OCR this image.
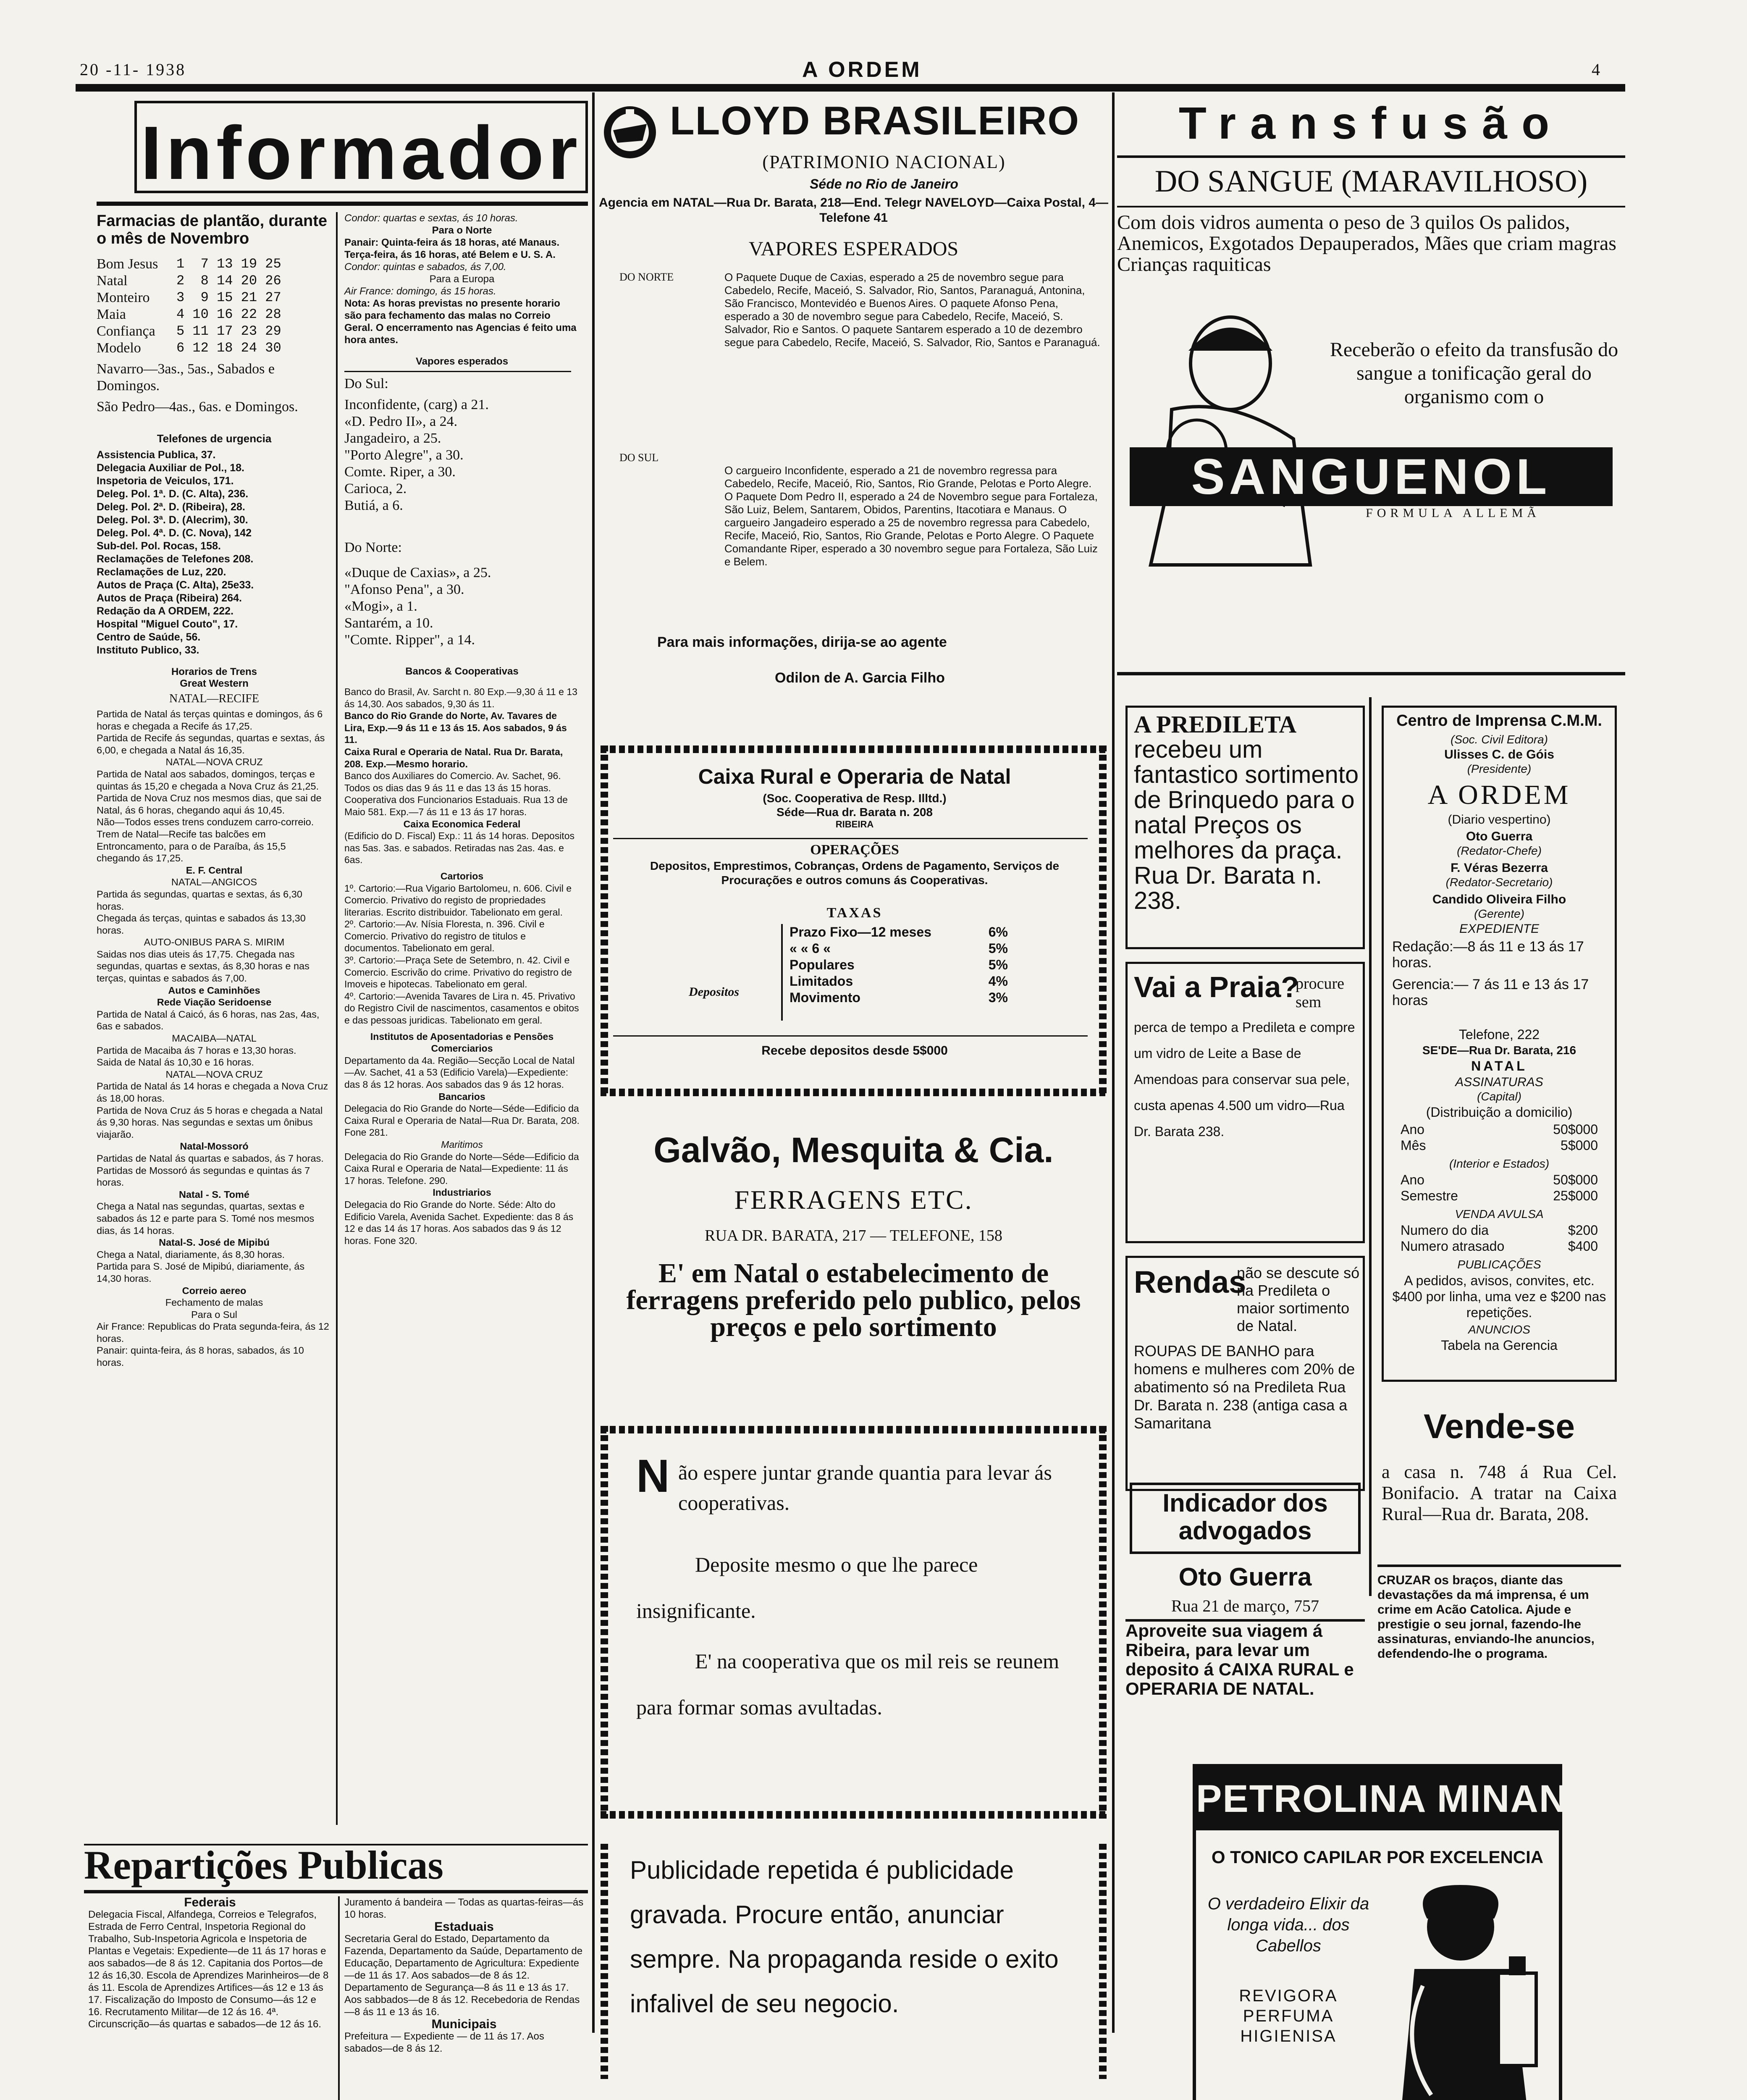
20 -11- 1938	A ORDEM	4
Informador
Farmacias de plantão, durante o mês de Novembro
Bom Jesus	1  7 13 19 25
Natal	2  8 14 20 26
Monteiro	3  9 15 21 27
Maia	4 10 16 22 28
Confiança	5 11 17 23 29
Modelo	6 12 18 24 30
Navarro—3as., 5as., Sabados e Domingos.
São Pedro—4as., 6as. e Domingos.
Telefones de urgencia
Assistencia Publica, 37.
Delegacia Auxiliar de Pol., 18.
Inspetoria de Veiculos, 171.
Deleg. Pol. 1ª. D. (C. Alta), 236.
Deleg. Pol. 2ª. D. (Ribeira), 28.
Deleg. Pol. 3ª. D. (Alecrim), 30.
Deleg. Pol. 4ª. D. (C. Nova), 142
Sub-del. Pol. Rocas, 158.
Reclamações de Telefones 208.
Reclamações de Luz, 220.
Autos de Praça (C. Alta), 25e33.
Autos de Praça (Ribeira) 264.
Redação da A ORDEM, 222.
Hospital "Miguel Couto", 17.
Centro de Saúde, 56.
Instituto Publico, 33.
Horarios de Trens
Great Western
NATAL—RECIFE

Partida de Natal ás terças quintas e domingos, ás 6 horas e chegada a Recife ás 17,25.

Partida de Recife ás segundas, quartas e sextas, ás 6,00, e chegada a Natal ás 16,35.

NATAL—NOVA CRUZ

Partida de Natal aos sabados, domingos, terças e quintas ás 15,20 e chegada a Nova Cruz ás 21,25.

Partida de Nova Cruz nos mesmos dias, que sai de Natal, ás 6 horas, chegando aqui ás 10,45.

Não—Todos esses trens conduzem carro-correio.

Trem de Natal—Recife tas balcões em Entroncamento, para o de Paraíba, ás 15,5 chegando ás 17,25.

E. F. Central

NATAL—ANGICOS

Partida ás segundas, quartas e sextas, ás 6,30 horas.

Chegada ás terças, quintas e sabados ás 13,30 horas.

AUTO-ONIBUS PARA S. MIRIM

Saidas nos dias uteis ás 17,75. Chegada nas segundas, quartas e sextas, ás 8,30 horas e nas terças, quintas e sabados ás 7,00.

Autos e Caminhões

Rede Viação Seridoense

Partida de Natal á Caicó, ás 6 horas, nas 2as, 4as, 6as e sabados.

MACAIBA—NATAL

Partida de Macaiba ás 7 horas e 13,30 horas.

Saida de Natal ás 10,30 e 16 horas.

NATAL—NOVA CRUZ

Partida de Natal ás 14 horas e chegada a Nova Cruz ás 18,00 horas.

Partida de Nova Cruz ás 5 horas e chegada a Natal ás 9,30 horas. Nas segundas e sextas um ônibus viajarão.

Natal-Mossoró

Partidas de Natal ás quartas e sabados, ás 7 horas.

Partidas de Mossoró ás segundas e quintas ás 7 horas.

Natal - S. Tomé

Chega a Natal nas segundas, quartas, sextas e sabados ás 12 e parte para S. Tomé nos mesmos dias, ás 14 horas.

Natal-S. José de Mipibú

Chega a Natal, diariamente, ás 8,30 horas.

Partida para S. José de Mipibú, diariamente, ás 14,30 horas.

Correio aereo

Fechamento de malas

Para o Sul

Air France: Republicas do Prata segunda-feira, ás 12 horas.

Panair: quinta-feira, ás 8 horas, sabados, ás 10 horas.

Condor: quartas e sextas, ás 10 horas.

Para o Norte

Panair: Quinta-feira ás 18 horas, até Manaus. Terça-feira, ás 16 horas, até Belem e U. S. A.

Condor: quintas e sabados, ás 7,00.

Para a Europa

Air France: domingo, ás 15 horas.

Nota: As horas previstas no presente horario são para fechamento das malas no Correio Geral. O encerramento nas Agencias é feito uma hora antes.

Vapores esperados

Do Sul:

Inconfidente, (carg) a 21.

«D. Pedro II», a 24.

Jangadeiro, a 25.

"Porto Alegre", a 30.

Comte. Riper, a 30.

Carioca, 2.

Butiá, a 6.

Do Norte:

«Duque de Caxias», a 25.

"Afonso Pena", a 30.

«Mogi», a 1.

Santarém, a 10.

"Comte. Ripper", a 14.

Bancos & Cooperativas

Banco do Brasil, Av. Sarcht n. 80 Exp.—9,30 á 11 e 13 ás 14,30. Aos sabados, 9,30 ás 11.

Banco do Rio Grande do Norte, Av. Tavares de Lira, Exp.—9 ás 11 e 13 ás 15. Aos sabados, 9 ás 11.

Caixa Rural e Operaria de Natal. Rua Dr. Barata, 208. Exp.—Mesmo horario.

Banco dos Auxiliares do Comercio. Av. Sachet, 96.

Todos os dias das 9 ás 11 e das 13 ás 15 horas.

Cooperativa dos Funcionarios Estaduais. Rua 13 de Maio 581. Exp.—7 ás 11 e 13 ás 17 horas.

Caixa Economica Federal

(Edificio do D. Fiscal) Exp.: 11 ás 14 horas. Depositos nas 5as. 3as. e sabados. Retiradas nas 2as. 4as. e 6as.

Cartorios

1º. Cartorio:—Rua Vigario Bartolomeu, n. 606. Civil e Comercio. Privativo do registo de propriedades literarias. Escrito distribuidor. Tabelionato em geral.

2º. Cartorio:—Av. Nísia Floresta, n. 396. Civil e Comercio. Privativo do registro de titulos e documentos. Tabelionato em geral.

3º. Cartorio:—Praça Sete de Setembro, n. 42. Civil e Comercio. Escrivão do crime. Privativo do registro de Imoveis e hipotecas. Tabelionato em geral.

4º. Cartorio:—Avenida Tavares de Lira n. 45. Privativo do Registro Civil de nascimentos, casamentos e obitos e das pessoas juridicas. Tabelionato em geral.

Institutos de Aposentadorias e Pensões

Comerciarios

Departamento da 4a. Região—Secção Local de Natal—Av. Sachet, 41 a 53 (Edificio Varela)—Expediente: das 8 ás 12 horas. Aos sabados das 9 ás 12 horas.

Bancarios

Delegacia do Rio Grande do Norte—Séde—Edificio da Caixa Rural e Operaria de Natal—Rua Dr. Barata, 208. Fone 281.

Maritimos

Delegacia do Rio Grande do Norte—Séde—Edificio da Caixa Rural e Operaria de Natal—Expediente: 11 ás 17 horas. Telefone. 290.

Industriarios

Delegacia do Rio Grande do Norte. Séde: Alto do Edificio Varela, Avenida Sachet. Expediente: das 8 ás 12 e das 14 ás 17 horas. Aos sabados das 9 ás 12 horas. Fone 320.

Repartições Publicas

Federais

Delegacia Fiscal, Alfandega, Correios e Telegrafos, Estrada de Ferro Central, Inspetoria Regional do Trabalho, Sub-Inspetoria Agricola e Inspetoria de Plantas e Vegetais: Expediente—de 11 ás 17 horas e aos sabados—de 8 ás 12. Capitania dos Portos—de 12 ás 16,30. Escola de Aprendizes Marinheiros—de 8 ás 11. Escola de Aprendizes Artifices—ás 12 e 13 ás 17. Fiscalização do Imposto de Consumo—ás 12 e 16. Recrutamento Militar—de 12 ás 16. 4ª. Circunscrição—ás quartas e sabados—de 12 ás 16.

Juramento á bandeira — Todas as quartas-feiras—ás 10 horas.

Estaduais

Secretaria Geral do Estado, Departamento da Fazenda, Departamento da Saúde, Departamento de Educação, Departamento de Agricultura: Expediente—de 11 ás 17. Aos sabados—de 8 ás 12. Departamento de Segurança—8 ás 11 e 13 ás 17. Aos sabbados—de 8 ás 12. Recebedoria de Rendas—8 ás 11 e 13 ás 16.

Municipais

Prefeitura — Expediente — de 11 ás 17. Aos sabados—de 8 ás 12.

LLOYD BRASILEIRO
(PATRIMONIO NACIONAL)
Séde no Rio de Janeiro
Agencia em NATAL—Rua Dr. Barata, 218—End. Telegr NAVELOYD—Caixa Postal, 4—Telefone 41
VAPORES ESPERADOS
DO NORTE	O Paquete Duque de Caxias, esperado a 25 de novembro segue para Cabedelo, Recife, Maceió, S. Salvador, Rio, Santos, Paranaguá, Antonina, São Francisco, Montevidéo e Buenos Aires. O paquete Afonso Pena, esperado a 30 de novembro segue para Cabedelo, Recife, Maceió, S. Salvador, Rio e Santos. O paquete Santarem esperado a 10 de dezembro segue para Cabedelo, Recife, Maceió, S. Salvador, Rio, Santos e Paranaguá.
DO SUL
O cargueiro Inconfidente, esperado a 21 de novembro regressa para Cabedelo, Recife, Maceió, Rio, Santos, Rio Grande, Pelotas e Porto Alegre. O Paquete Dom Pedro II, esperado a 24 de Novembro segue para Fortaleza, São Luiz, Belem, Santarem, Obidos, Parentins, Itacotiara e Manaus. O cargueiro Jangadeiro esperado a 25 de novembro regressa para Cabedelo, Recife, Maceió, Rio, Santos, Rio Grande, Pelotas e Porto Alegre. O Paquete Comandante Riper, esperado a 30 novembro segue para Fortaleza, São Luiz e Belem.
Para mais informações, dirija-se ao agente
Odilon de A. Garcia Filho
Caixa Rural e Operaria de Natal
(Soc. Cooperativa de Resp. Illtd.)
Séde—Rua dr. Barata n. 208
RIBEIRA
OPERAÇÕES
Depositos, Emprestimos, Cobranças, Ordens de Pagamento, Serviços de Procurações e outros comuns ás Cooperativas.
TAXAS
Depositos
Prazo Fixo—12 meses	6%
« « 6 «	5%
Populares	5%
Limitados	4%
Movimento	3%
Recebe depositos desde 5$000
Galvão, Mesquita & Cia.
FERRAGENS ETC.
RUA DR. BARATA, 217 — TELEFONE, 158
E' em Natal o estabelecimento de ferragens preferido pelo publico, pelos preços e pelo sortimento
N ão espere juntar grande quantia para levar ás cooperativas.
Deposite mesmo o que lhe parece insignificante.
E' na cooperativa que os mil reis se reunem para formar somas avultadas.
Publicidade repetida é publicidade gravada. Procure então, anunciar sempre. Na propaganda reside o exito infalivel de seu negocio.
Transfusão
DO SANGUE (MARAVILHOSO)
Com dois vidros aumenta o peso de 3 quilos Os palidos, Anemicos, Exgotados Depauperados, Mães que criam magras Crianças raquiticas
Receberão o efeito da transfusão do sangue a tonificação geral do organismo com o
SANGUENOL
FORMULA ALLEMÃ
A PREDILETA recebeu um fantastico sortimento de Brinquedo para o natal Preços os melhores da praça. Rua Dr. Barata n. 238.
Vai a Praia?
procure sem
perca de tempo a Predileta e compre um vidro de Leite a Base de Amendoas para conservar sua pele, custa apenas 4.500 um vidro—Rua Dr. Barata 238.
Rendas
não se descute só na Predileta o maior sortimento de Natal.
ROUPAS DE BANHO para homens e mulheres com 20% de abatimento só na Predileta Rua Dr. Barata n. 238 (antiga casa a Samaritana
Indicador dos advogados
Oto Guerra
Rua 21 de março, 757
Aproveite sua viagem á Ribeira, para levar um deposito á CAIXA RURAL e OPERARIA DE NATAL.
Centro de Imprensa C.M.M.
(Soc. Civil Editora)
Ulisses C. de Góis
(Presidente)
A ORDEM
(Diario vespertino)
Oto Guerra
(Redator-Chefe)
F. Véras Bezerra
(Redator-Secretario)
Candido Oliveira Filho
(Gerente)
EXPEDIENTE
Redação:—8 ás 11 e 13 ás 17 horas.
Gerencia:— 7 ás 11 e 13 ás 17 horas
Telefone, 222
SE'DE—Rua Dr. Barata, 216
NATAL
ASSINATURAS
(Capital)
(Distribuição a domicilio)
Ano	50$000
Mês	5$000
(Interior e Estados)
Ano	50$000
Semestre	25$000
VENDA AVULSA
Numero do dia	$200
Numero atrasado	$400
PUBLICAÇÕES
A pedidos, avisos, convites, etc. $400 por linha, uma vez e $200 nas repetições.
ANUNCIOS
Tabela na Gerencia
Vende-se
a casa n. 748 á Rua Cel. Bonifacio. A tratar na Caixa Rural—Rua dr. Barata, 208.
CRUZAR os braços, diante das devastações da má imprensa, é um crime em Acão Catolica. Ajude e prestigie o seu jornal, fazendo-lhe assinaturas, enviando-lhe anuncios, defendendo-lhe o programa.
PETROLINA MINANCORA
O TONICO CAPILAR POR EXCELENCIA
O verdadeiro Elixir da longa vida... dos Cabellos
REVIGORA PERFUMA HIGIENISA
